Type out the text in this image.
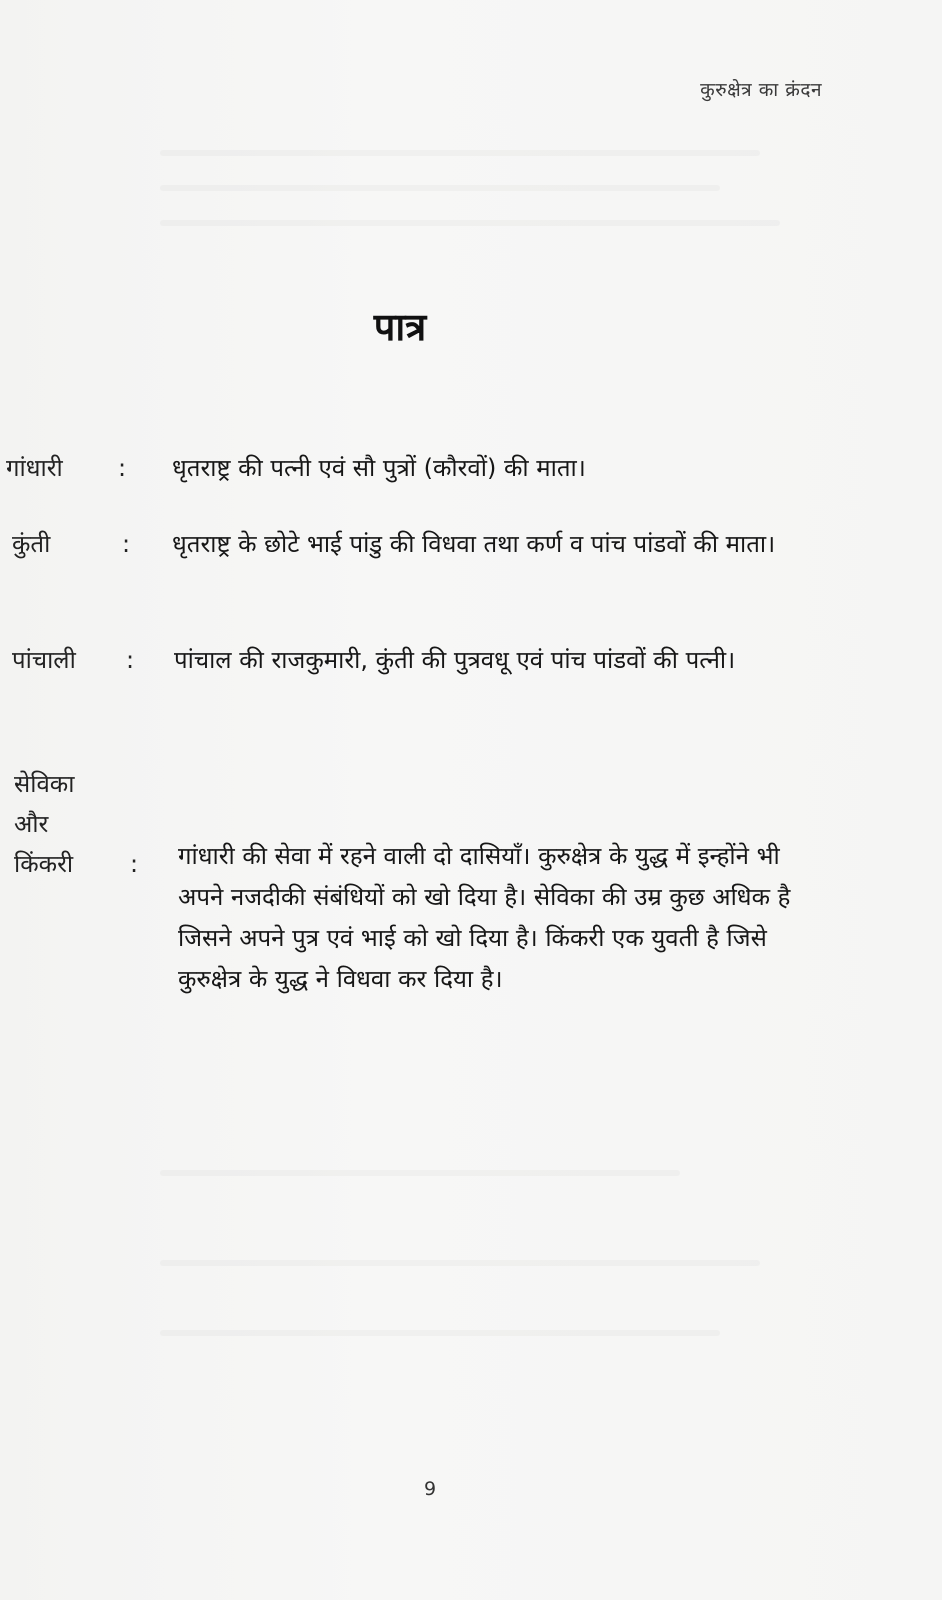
कुरुक्षेत्र का क्रंदन
पात्र
गांधारी : धृतराष्ट्र की पत्नी एवं सौ पुत्रों (कौरवों) की माता।
कुंती	: धृतराष्ट्र के छोटे भाई पांडु की विधवा तथा कर्ण व पांच पांडवों की माता।
पांचाली : पांचाल की राजकुमारी, कुंती की पुत्रवधू एवं पांच पांडवों की पत्नी।
सेविका
और
किंकरी : गांधारी की सेवा में रहने वाली दो दासियाँ। कुरुक्षेत्र के युद्ध में इन्होंने भी अपने नजदीकी संबंधियों को खो दिया है। सेविका की उम्र कुछ अधिक है जिसने अपने पुत्र एवं भाई को खो दिया है। किंकरी एक युवती है जिसे कुरुक्षेत्र के युद्ध ने विधवा कर दिया है।
9
